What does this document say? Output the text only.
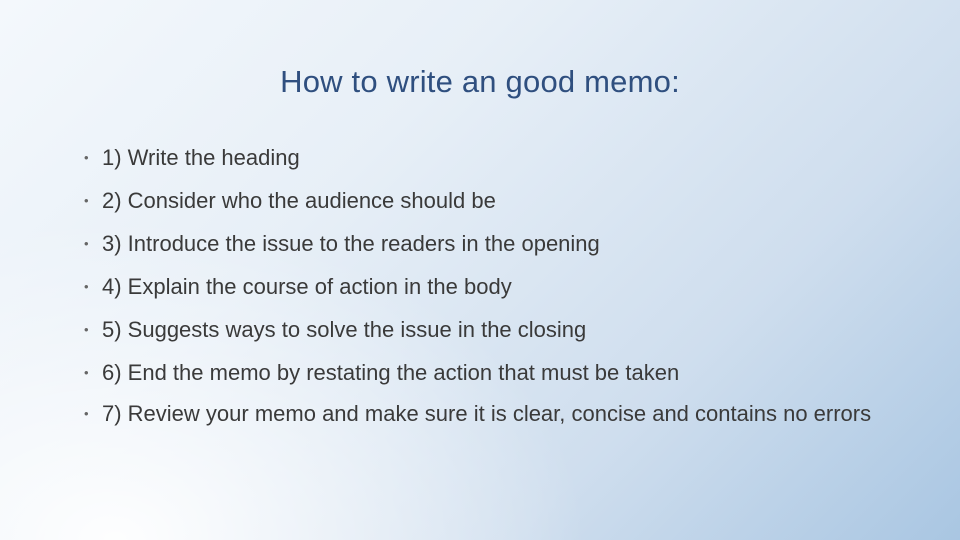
How to write an good memo:
• 1) Write the heading
• 2) Consider who the audience should be
• 3) Introduce the issue to the readers in the opening
• 4) Explain the course of action in the body
• 5) Suggests ways to solve the issue in the closing
• 6) End the memo by restating the action that must be taken
• 7) Review your memo and make sure it is clear, concise and contains no errors
